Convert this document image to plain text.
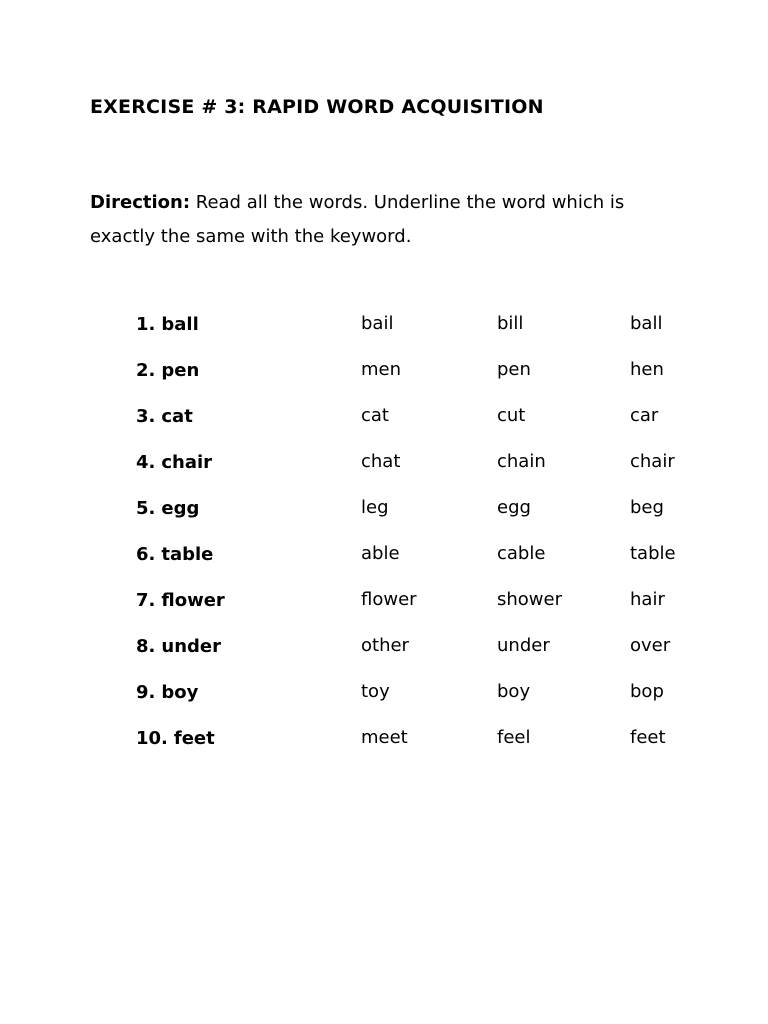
EXERCISE # 3: RAPID WORD ACQUISITION
Direction: Read all the words. Underline the word which is exactly the same with the keyword.
1. ball	bail	bill	ball
2. pen	men	pen	hen
3. cat	cat	cut	car
4. chair	chat	chain	chair
5. egg	leg	egg	beg
6. table	able	cable	table
7. flower	flower	shower	hair
8. under	other	under	over
9. boy	toy	boy	bop
10. feet	meet	feel	feet
